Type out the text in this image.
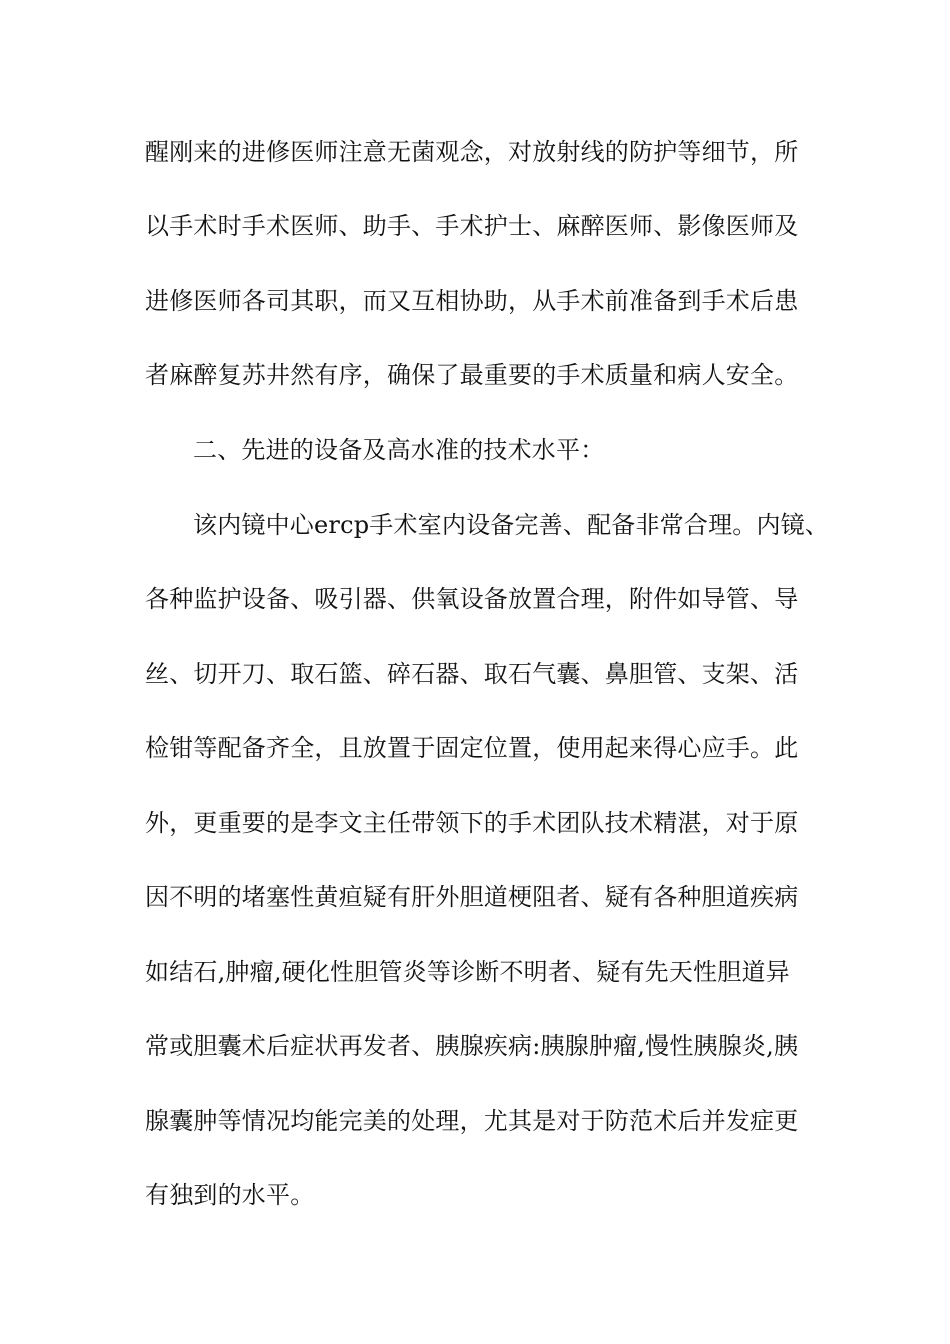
醒刚来的进修医师注意无菌观念，对放射线的防护等细节，所
以手术时手术医师、助手、手术护士、麻醉医师、影像医师及
进修医师各司其职，而又互相协助，从手术前准备到手术后患
者麻醉复苏井然有序，确保了最重要的手术质量和病人安全。
二、先进的设备及高水准的技术水平：
该内镜中心ercp手术室内设备完善、配备非常合理。内镜、
各种监护设备、吸引器、供氧设备放置合理，附件如导管、导
丝、切开刀、取石篮、碎石器、取石气囊、鼻胆管、支架、活
检钳等配备齐全，且放置于固定位置，使用起来得心应手。此
外，更重要的是李文主任带领下的手术团队技术精湛，对于原
因不明的堵塞性黄疸疑有肝外胆道梗阻者、疑有各种胆道疾病
如结石,肿瘤,硬化性胆管炎等诊断不明者、疑有先天性胆道异
常或胆囊术后症状再发者、胰腺疾病:胰腺肿瘤,慢性胰腺炎,胰
腺囊肿等情况均能完美的处理，尤其是对于防范术后并发症更
有独到的水平。
